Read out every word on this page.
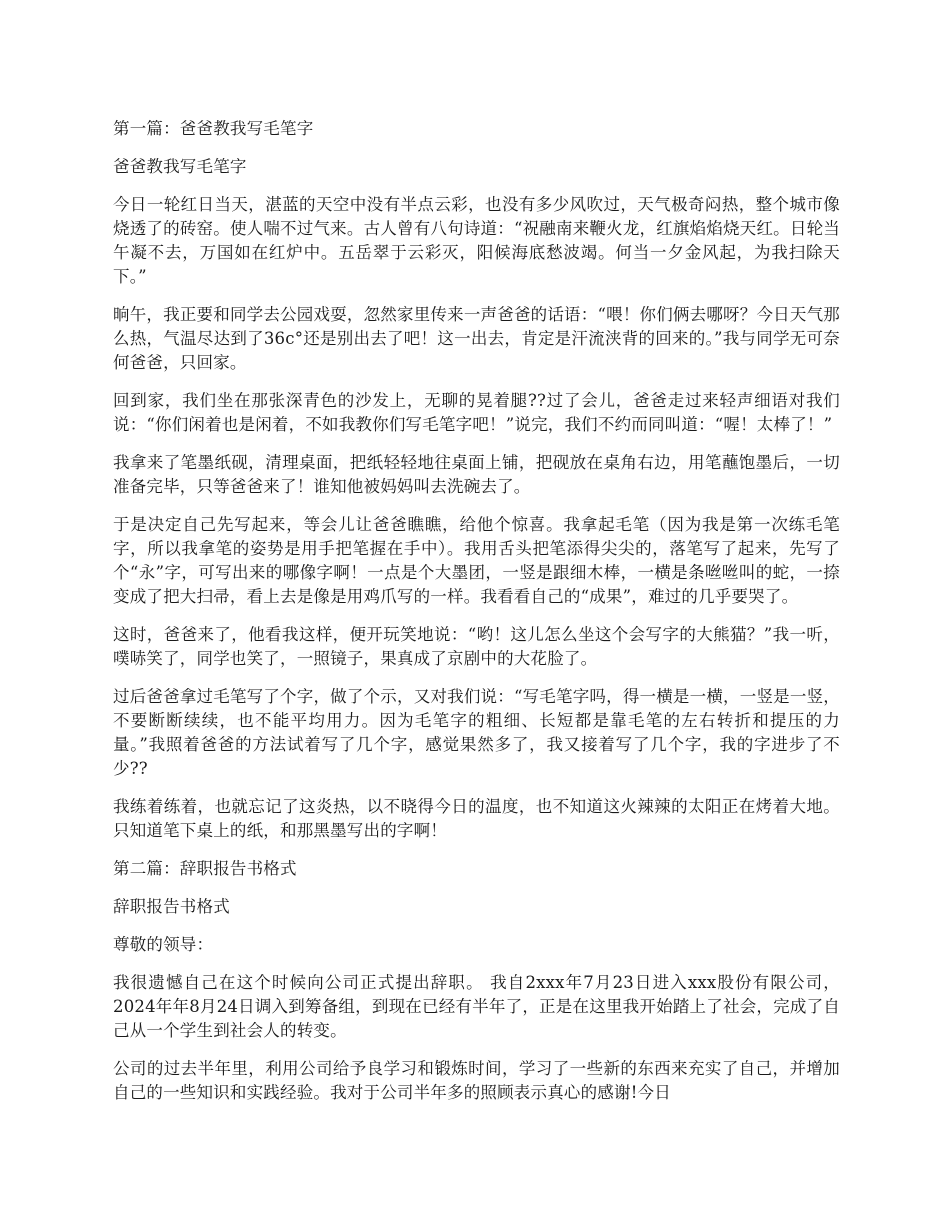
第一篇：爸爸教我写毛笔字

爸爸教我写毛笔字

今日一轮红日当天，湛蓝的天空中没有半点云彩，也没有多少风吹过，天气极奇闷热，整个城市像烧透了的砖窑。使人喘不过气来。古人曾有八句诗道：“祝融南来鞭火龙，红旗焰焰烧天红。日轮当午凝不去，万国如在红炉中。五岳翠于云彩灭，阳候海底愁波竭。何当一夕金风起，为我扫除天下。”

晌午，我正要和同学去公园戏耍，忽然家里传来一声爸爸的话语：“喂！你们俩去哪呀？今日天气那么热，气温尽达到了36c°还是别出去了吧！这一出去，肯定是汗流浃背的回来的。”我与同学无可奈何爸爸，只回家。

回到家，我们坐在那张深青色的沙发上，无聊的晃着腿??过了会儿，爸爸走过来轻声细语对我们说：“你们闲着也是闲着，不如我教你们写毛笔字吧！”说完，我们不约而同叫道：“喔！太棒了！”

我拿来了笔墨纸砚，清理桌面，把纸轻轻地往桌面上铺，把砚放在桌角右边，用笔蘸饱墨后，一切准备完毕，只等爸爸来了！谁知他被妈妈叫去洗碗去了。

于是决定自己先写起来，等会儿让爸爸瞧瞧，给他个惊喜。我拿起毛笔（因为我是第一次练毛笔字，所以我拿笔的姿势是用手把笔握在手中）。我用舌头把笔添得尖尖的，落笔写了起来，先写了个“永”字，可写出来的哪像字啊！一点是个大墨团，一竖是跟细木棒，一横是条咝咝叫的蛇，一捺变成了把大扫帚，看上去是像是用鸡爪写的一样。我看看自己的“成果”，难过的几乎要哭了。

这时，爸爸来了，他看我这样，便开玩笑地说：“哟！这儿怎么坐这个会写字的大熊猫？”我一听，噗哧笑了，同学也笑了，一照镜子，果真成了京剧中的大花脸了。

过后爸爸拿过毛笔写了个字，做了个示，又对我们说：“写毛笔字吗，得一横是一横，一竖是一竖，不要断断续续，也不能平均用力。因为毛笔字的粗细、长短都是靠毛笔的左右转折和提压的力量。”我照着爸爸的方法试着写了几个字，感觉果然多了，我又接着写了几个字，我的字进步了不少??

我练着练着，也就忘记了这炎热，以不晓得今日的温度，也不知道这火辣辣的太阳正在烤着大地。只知道笔下桌上的纸，和那黑墨写出的字啊！

第二篇：辞职报告书格式

辞职报告书格式

尊敬的领导：

我很遗憾自己在这个时候向公司正式提出辞职。 我自2xxx年7月23日进入xxx股份有限公司，2024年年8月24日调入到筹备组，到现在已经有半年了，正是在这里我开始踏上了社会，完成了自己从一个学生到社会人的转变。

公司的过去半年里，利用公司给予良学习和锻炼时间，学习了一些新的东西来充实了自己，并增加自己的一些知识和实践经验。我对于公司半年多的照顾表示真心的感谢!今日
